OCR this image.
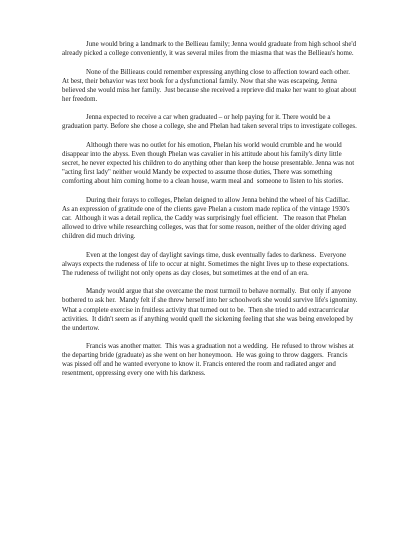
June would bring a landmark to the Bellieau family; Jenna would graduate from high school she'd already picked a college conveniently, it was several miles from the miasma that was the Bellieau's home.

None of the Billieaus could remember expressing anything close to affection toward each other.  At best, their behavior was text book for a dysfunctional family. Now that she was escapeing, Jenna believed she would miss her family.  Just because she received a reprieve did make her want to gloat about her freedom.

Jenna expected to receive a car when graduated – or help paying for it. There would be a graduation party. Before she chose a college, she and Phelan had taken several trips to investigate colleges.

Although there was no outlet for his emotion, Phelan his world would crumble and he would disappear into the abyss. Even though Phelan was cavalier in his attitude about his family's dirty little secret, he never expected his children to do anything other than keep the house presentable. Jenna was not "acting first lady" neither would Mandy be expected to assume those duties, There was something  comforting about him coming home to a clean house, warm meal and  someone to listen to his stories.

During their forays to colleges, Phelan deigned to allow Jenna behind the wheel of his Cadillac.  As an expression of gratitude one of the clients gave Phelan a custom made replica of the vintage 1930's car.  Although it was a detail replica, the Caddy was surprisingly fuel efficient.   The reason that Phelan allowed to drive while researching colleges, was that for some reason, neither of the older driving aged children did much driving.

Even at the longest day of daylight savings time, dusk eventually fades to darkness.  Everyone always expects the rudeness of life to occur at night. Sometimes the night lives up to these expectations.  The rudeness of twilight not only opens as day closes, but sometimes at the end of an era.

Mandy would argue that she overcame the most turmoil to behave normally.  But only if anyone bothered to ask her.  Mandy felt if she threw herself into her schoolwork she would survive life's ignominy.  What a complete exercise in fruitless activity that turned out to be.  Then she tried to add extracurricular activities.  It didn't seem as if anything would quell the sickening feeling that she was being enveloped by the undertow.

Francis was another matter.  This was a graduation not a wedding.  He refused to throw wishes at the departing bride (graduate) as she went on her honeymoon.  He was going to throw daggers.  Francis was pissed off and he wanted everyone to know it. Francis entered the room and radiated anger and resentment, oppressing every one with his darkness.
